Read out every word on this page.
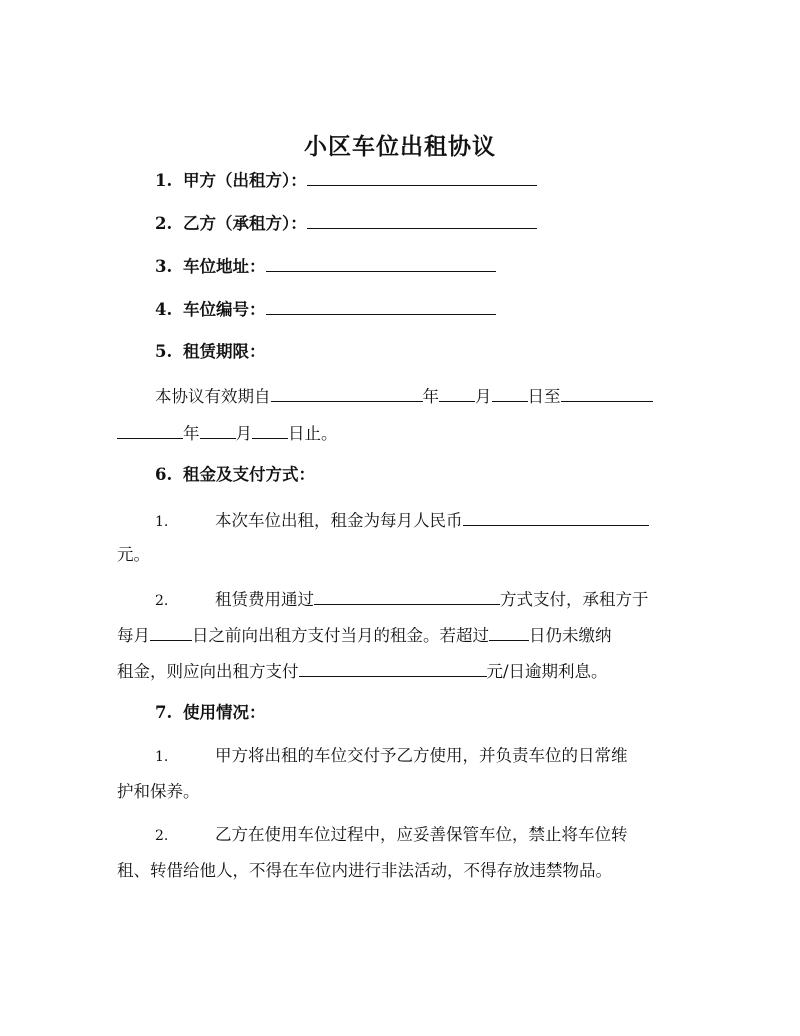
小区车位出租协议
1. 甲方（出租方）：
2. 乙方（承租方）：
3. 车位地址：
4. 车位编号：
5. 租赁期限：
本协议有效期自	年 月 日至
年 月 日止。
6. 租金及支付方式：
1.	本次车位出租，租金为每月人民币
元。
2.	租赁费用通过	方式支付，承租方于
每月	日之前向出租方支付当月的租金。若超过 日仍未缴纳
租金，则应向出租方支付	元/日逾期利息。
7. 使用情况：
1.	甲方将出租的车位交付予乙方使用，并负责车位的日常维
护和保养。
2.	乙方在使用车位过程中，应妥善保管车位，禁止将车位转
租、转借给他人，不得在车位内进行非法活动，不得存放违禁物品。
